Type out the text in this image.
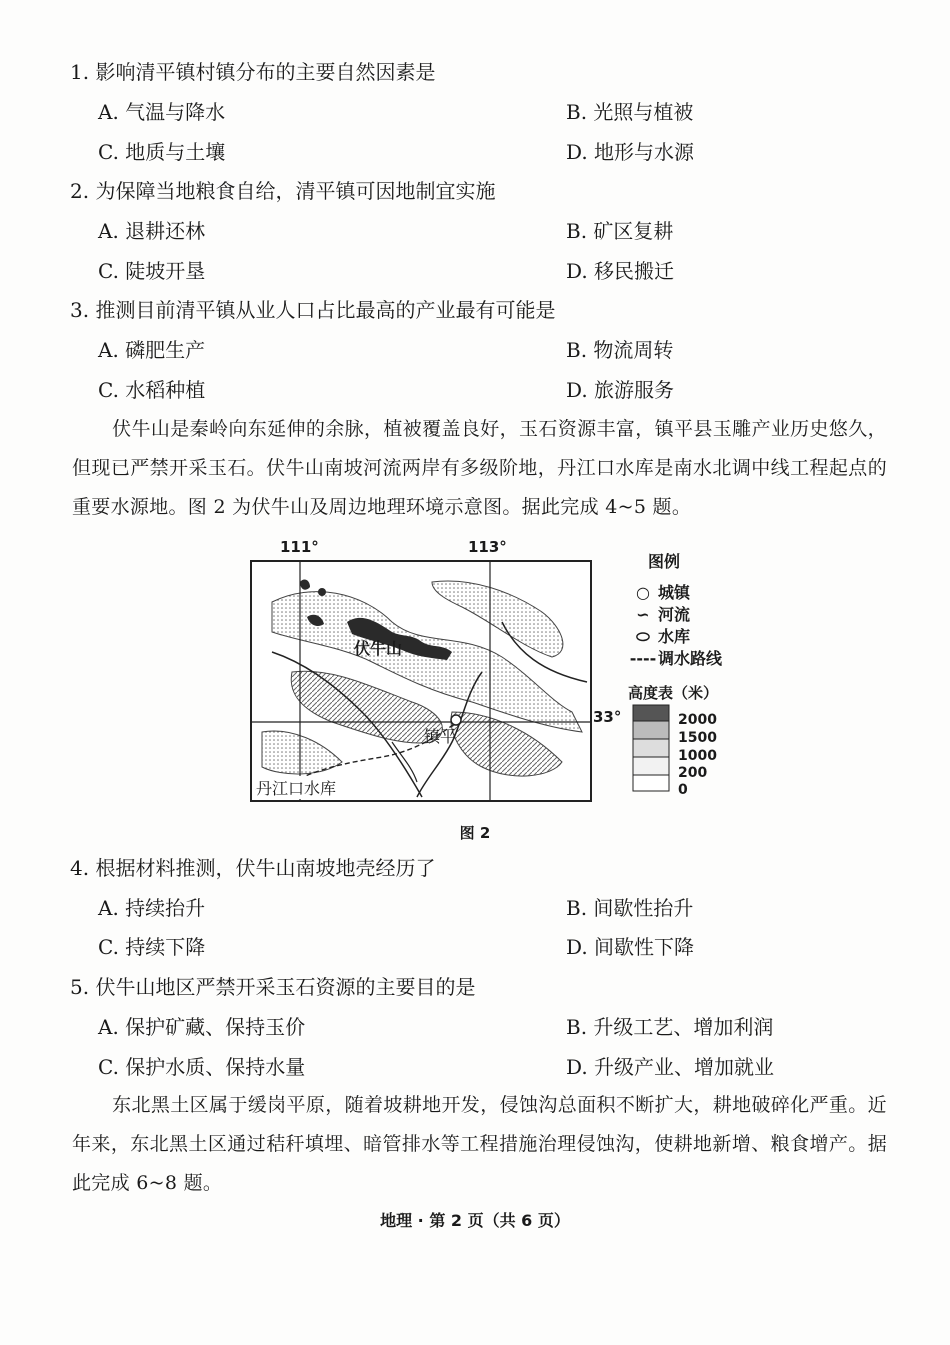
1. 影响清平镇村镇分布的主要自然因素是
A. 气温与降水	B. 光照与植被
C. 地质与土壤	D. 地形与水源
2. 为保障当地粮食自给，清平镇可因地制宜实施
A. 退耕还林	B. 矿区复耕
C. 陡坡开垦	D. 移民搬迁
3. 推测目前清平镇从业人口占比最高的产业最有可能是
A. 磷肥生产	B. 物流周转
C. 水稻种植	D. 旅游服务
伏牛山是秦岭向东延伸的余脉，植被覆盖良好，玉石资源丰富，镇平县玉雕产业历史悠久，但现已严禁开采玉石。伏牛山南坡河流两岸有多级阶地，丹江口水库是南水北调中线工程起点的重要水源地。图 2 为伏牛山及周边地理环境示意图。据此完成 4~5 题。
111°	113°
伏牛山
镇平
丹江口水库
33°
图例
○ 城镇
∽ 河流
⬭ 水库
---- 调水路线
高度表（米）
2000
1500
1000
200
0
图 2
4. 根据材料推测，伏牛山南坡地壳经历了
A. 持续抬升	B. 间歇性抬升
C. 持续下降	D. 间歇性下降
5. 伏牛山地区严禁开采玉石资源的主要目的是
A. 保护矿藏、保持玉价	B. 升级工艺、增加利润
C. 保护水质、保持水量	D. 升级产业、增加就业
东北黑土区属于缓岗平原，随着坡耕地开发，侵蚀沟总面积不断扩大，耕地破碎化严重。近年来，东北黑土区通过秸秆填埋、暗管排水等工程措施治理侵蚀沟，使耕地新增、粮食增产。据此完成 6~8 题。
地理 · 第 2 页（共 6 页）
